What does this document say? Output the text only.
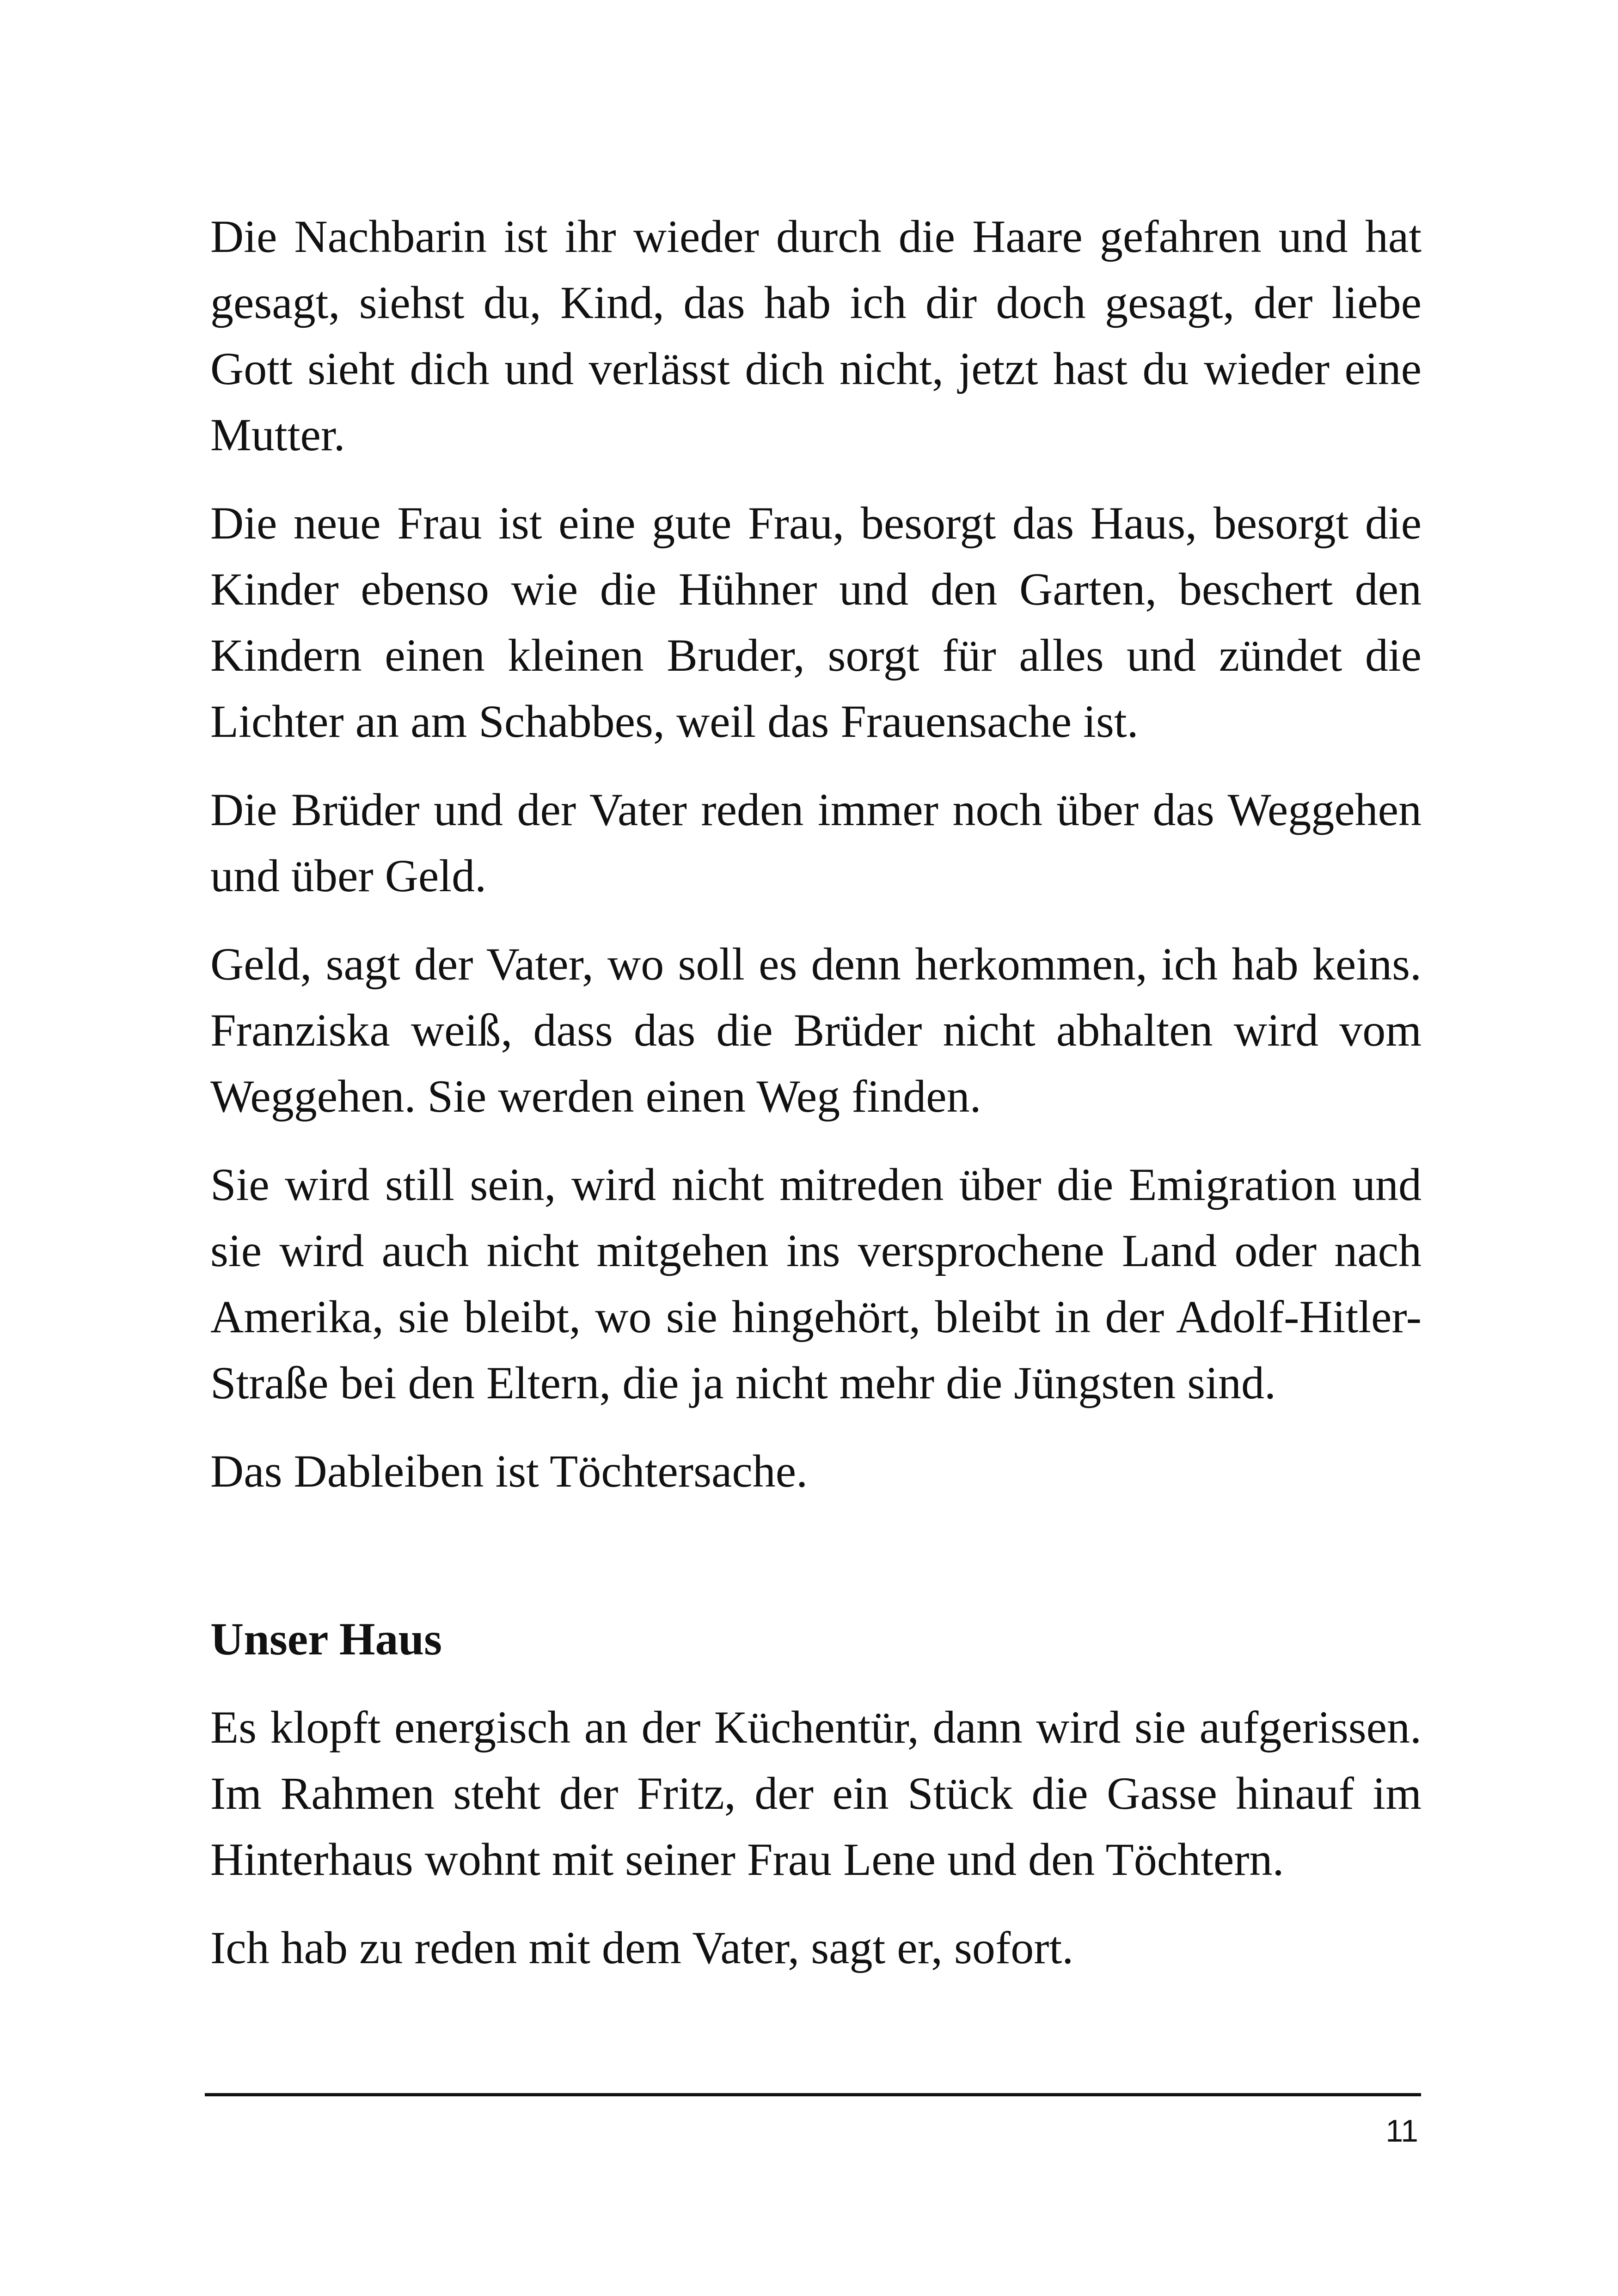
Die Nachbarin ist ihr wieder durch die Haare gefahren und hat gesagt, siehst du, Kind, das hab ich dir doch gesagt, der liebe Gott sieht dich und verlässt dich nicht, jetzt hast du wieder eine Mutter.

Die neue Frau ist eine gute Frau, besorgt das Haus, besorgt die Kinder ebenso wie die Hühner und den Garten, beschert den Kindern einen kleinen Bruder, sorgt für alles und zündet die Lichter an am Schabbes, weil das Frauensache ist.

Die Brüder und der Vater reden immer noch über das Weggehen und über Geld.

Geld, sagt der Vater, wo soll es denn herkommen, ich hab keins. Franziska weiß, dass das die Brüder nicht abhalten wird vom Weggehen. Sie werden einen Weg finden.

Sie wird still sein, wird nicht mitreden über die Emigration und sie wird auch nicht mitgehen ins versprochene Land oder nach Amerika, sie bleibt, wo sie hingehört, bleibt in der Adolf-Hitler-Straße bei den Eltern, die ja nicht mehr die Jüngsten sind.

Das Dableiben ist Töchtersache.

Unser Haus

Es klopft energisch an der Küchentür, dann wird sie aufgerissen. Im Rahmen steht der Fritz, der ein Stück die Gasse hinauf im Hinterhaus wohnt mit seiner Frau Lene und den Töchtern.

Ich hab zu reden mit dem Vater, sagt er, sofort.

11
